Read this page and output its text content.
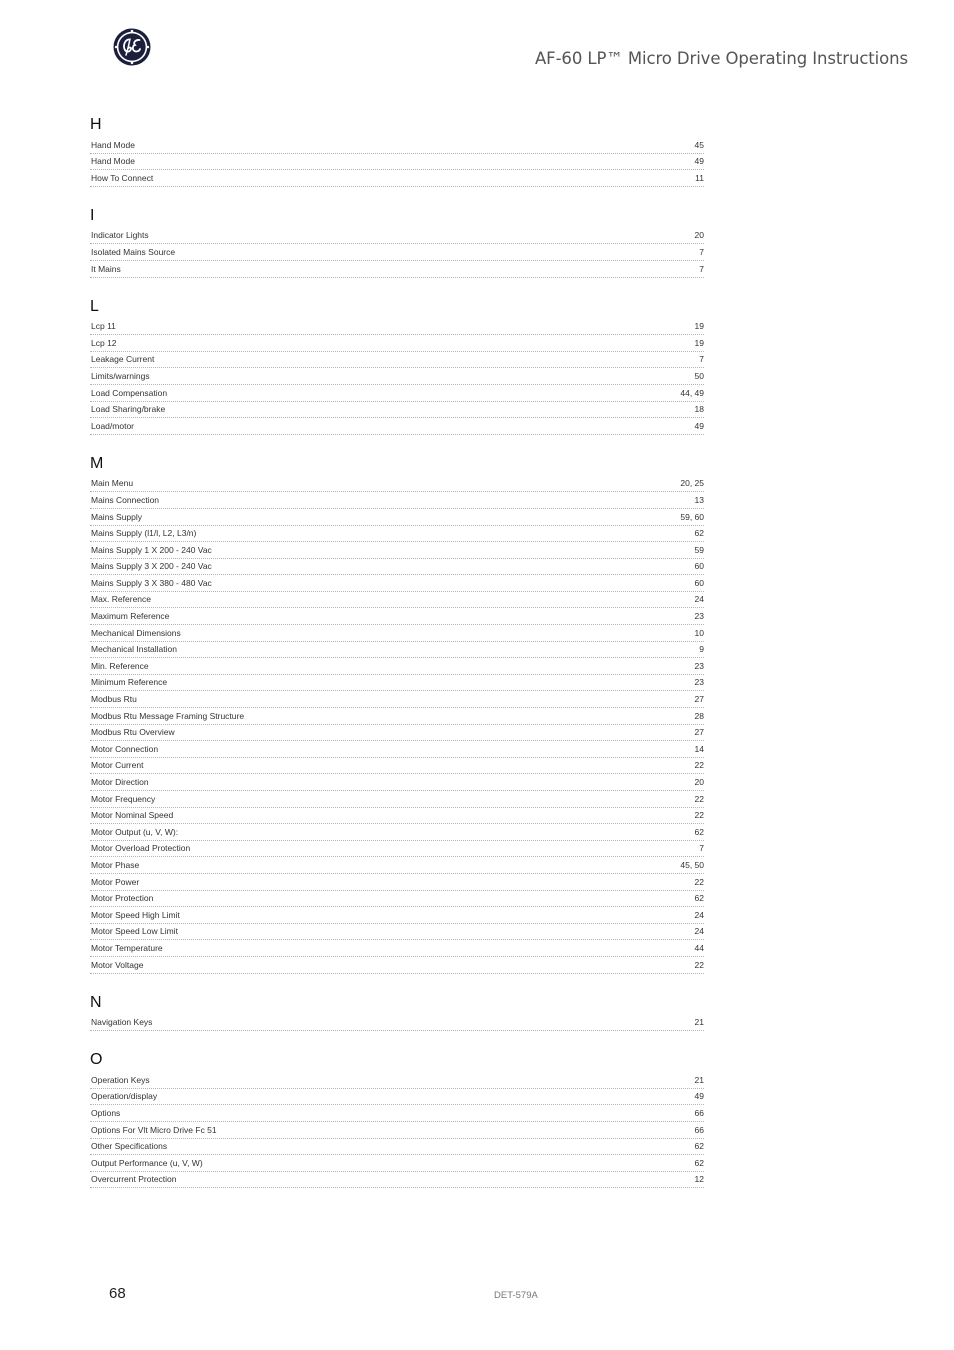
AF-60 LP™ Micro Drive Operating Instructions
H
Hand Mode	45
Hand Mode	49
How To Connect	11
I
Indicator Lights	20
Isolated Mains Source	7
It Mains	7
L
Lcp 11	19
Lcp 12	19
Leakage Current	7
Limits/warnings	50
Load Compensation	44, 49
Load Sharing/brake	18
Load/motor	49
M
Main Menu	20, 25
Mains Connection	13
Mains Supply	59, 60
Mains Supply (l1/l, L2, L3/n)	62
Mains Supply 1 X 200 - 240 Vac	59
Mains Supply 3 X 200 - 240 Vac	60
Mains Supply 3 X 380 - 480 Vac	60
Max. Reference	24
Maximum Reference	23
Mechanical Dimensions	10
Mechanical Installation	9
Min. Reference	23
Minimum Reference	23
Modbus Rtu	27
Modbus Rtu Message Framing Structure	28
Modbus Rtu Overview	27
Motor Connection	14
Motor Current	22
Motor Direction	20
Motor Frequency	22
Motor Nominal Speed	22
Motor Output (u, V, W):	62
Motor Overload Protection	7
Motor Phase	45, 50
Motor Power	22
Motor Protection	62
Motor Speed High Limit	24
Motor Speed Low Limit	24
Motor Temperature	44
Motor Voltage	22
N
Navigation Keys	21
O
Operation Keys	21
Operation/display	49
Options	66
Options For Vlt Micro Drive Fc 51	66
Other Specifications	62
Output Performance (u, V, W)	62
Overcurrent Protection	12
68	DET-579A
